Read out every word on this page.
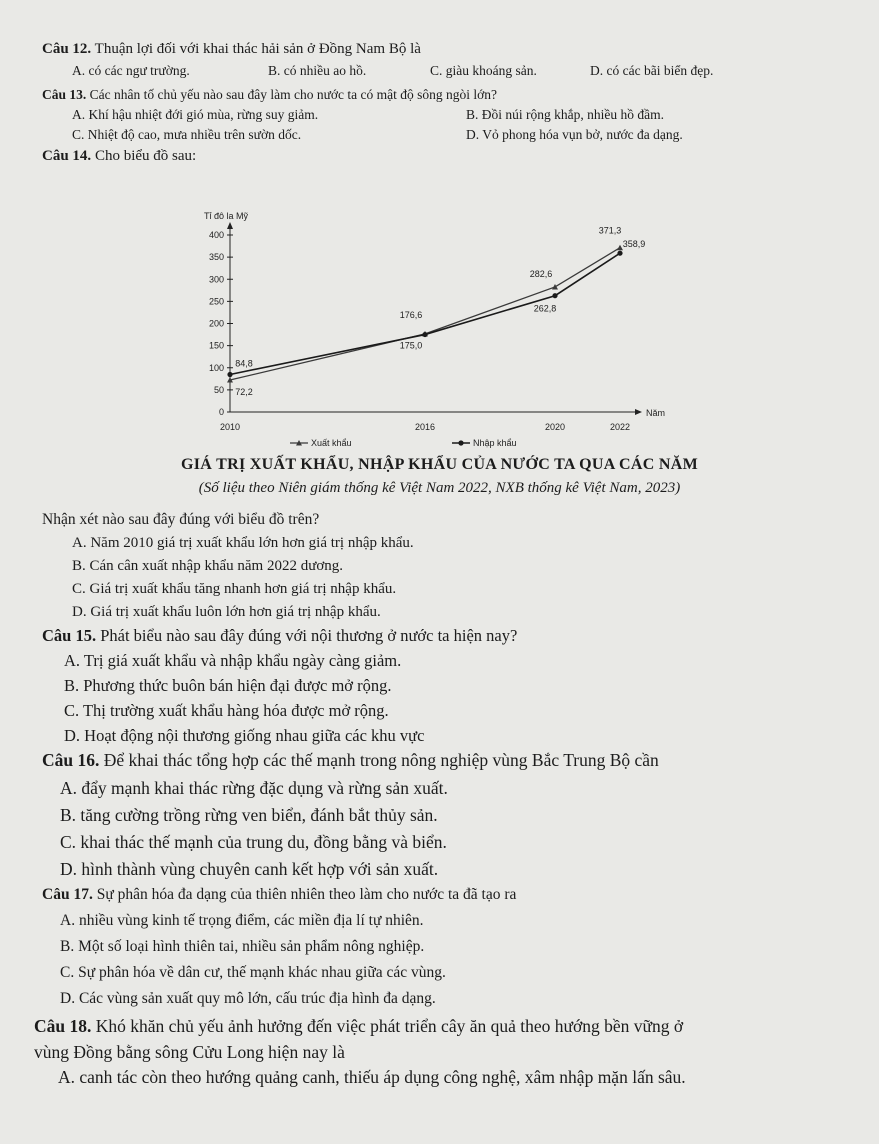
Câu 12. Thuận lợi đối với khai thác hải sản ở Đồng Nam Bộ là
A. có các ngư trường.	B. có nhiều ao hồ.	C. giàu khoáng sản.	D. có các bãi biển đẹp.
Câu 13. Các nhân tố chủ yếu nào sau đây làm cho nước ta có mật độ sông ngòi lớn?
A. Khí hậu nhiệt đới gió mùa, rừng suy giảm.	B. Đồi núi rộng khắp, nhiều hồ đầm.
C. Nhiệt độ cao, mưa nhiều trên sườn dốc.	D. Vỏ phong hóa vụn bở, nước đa dạng.
Câu 14. Cho biểu đồ sau:
Tỉ đô la Mỹ
Năm
0
50
100
150
200
250
300
350
400
2010	2016	2020	2022
72,2
176,6
282,6
371,3
84,8
175,0
262,8
358,9
Xuất khẩu	Nhập khẩu
GIÁ TRỊ XUẤT KHẨU, NHẬP KHẨU CỦA NƯỚC TA QUA CÁC NĂM
(Số liệu theo Niên giám thống kê Việt Nam 2022, NXB thống kê Việt Nam, 2023)
Nhận xét nào sau đây đúng với biểu đồ trên?
A. Năm 2010 giá trị xuất khẩu lớn hơn giá trị nhập khẩu.
B. Cán cân xuất nhập khẩu năm 2022 dương.
C. Giá trị xuất khẩu tăng nhanh hơn giá trị nhập khẩu.
D. Giá trị xuất khẩu luôn lớn hơn giá trị nhập khẩu.
Câu 15. Phát biểu nào sau đây đúng với nội thương ở nước ta hiện nay?
A. Trị giá xuất khẩu và nhập khẩu ngày càng giảm.
B. Phương thức buôn bán hiện đại được mở rộng.
C. Thị trường xuất khẩu hàng hóa được mở rộng.
D. Hoạt động nội thương giống nhau giữa các khu vực
Câu 16. Để khai thác tổng hợp các thế mạnh trong nông nghiệp vùng Bắc Trung Bộ cần
A. đẩy mạnh khai thác rừng đặc dụng và rừng sản xuất.
B. tăng cường trồng rừng ven biển, đánh bắt thủy sản.
C. khai thác thế mạnh của trung du, đồng bằng và biển.
D. hình thành vùng chuyên canh kết hợp với sản xuất.
Câu 17. Sự phân hóa đa dạng của thiên nhiên theo làm cho nước ta đã tạo ra
A. nhiều vùng kinh tế trọng điểm, các miền địa lí tự nhiên.
B. Một số loại hình thiên tai, nhiều sản phẩm nông nghiệp.
C. Sự phân hóa về dân cư, thế mạnh khác nhau giữa các vùng.
D. Các vùng sản xuất quy mô lớn, cấu trúc địa hình đa dạng.
Câu 18. Khó khăn chủ yếu ảnh hưởng đến việc phát triển cây ăn quả theo hướng bền vững ở
vùng Đồng bằng sông Cửu Long hiện nay là
A. canh tác còn theo hướng quảng canh, thiếu áp dụng công nghệ, xâm nhập mặn lấn sâu.
